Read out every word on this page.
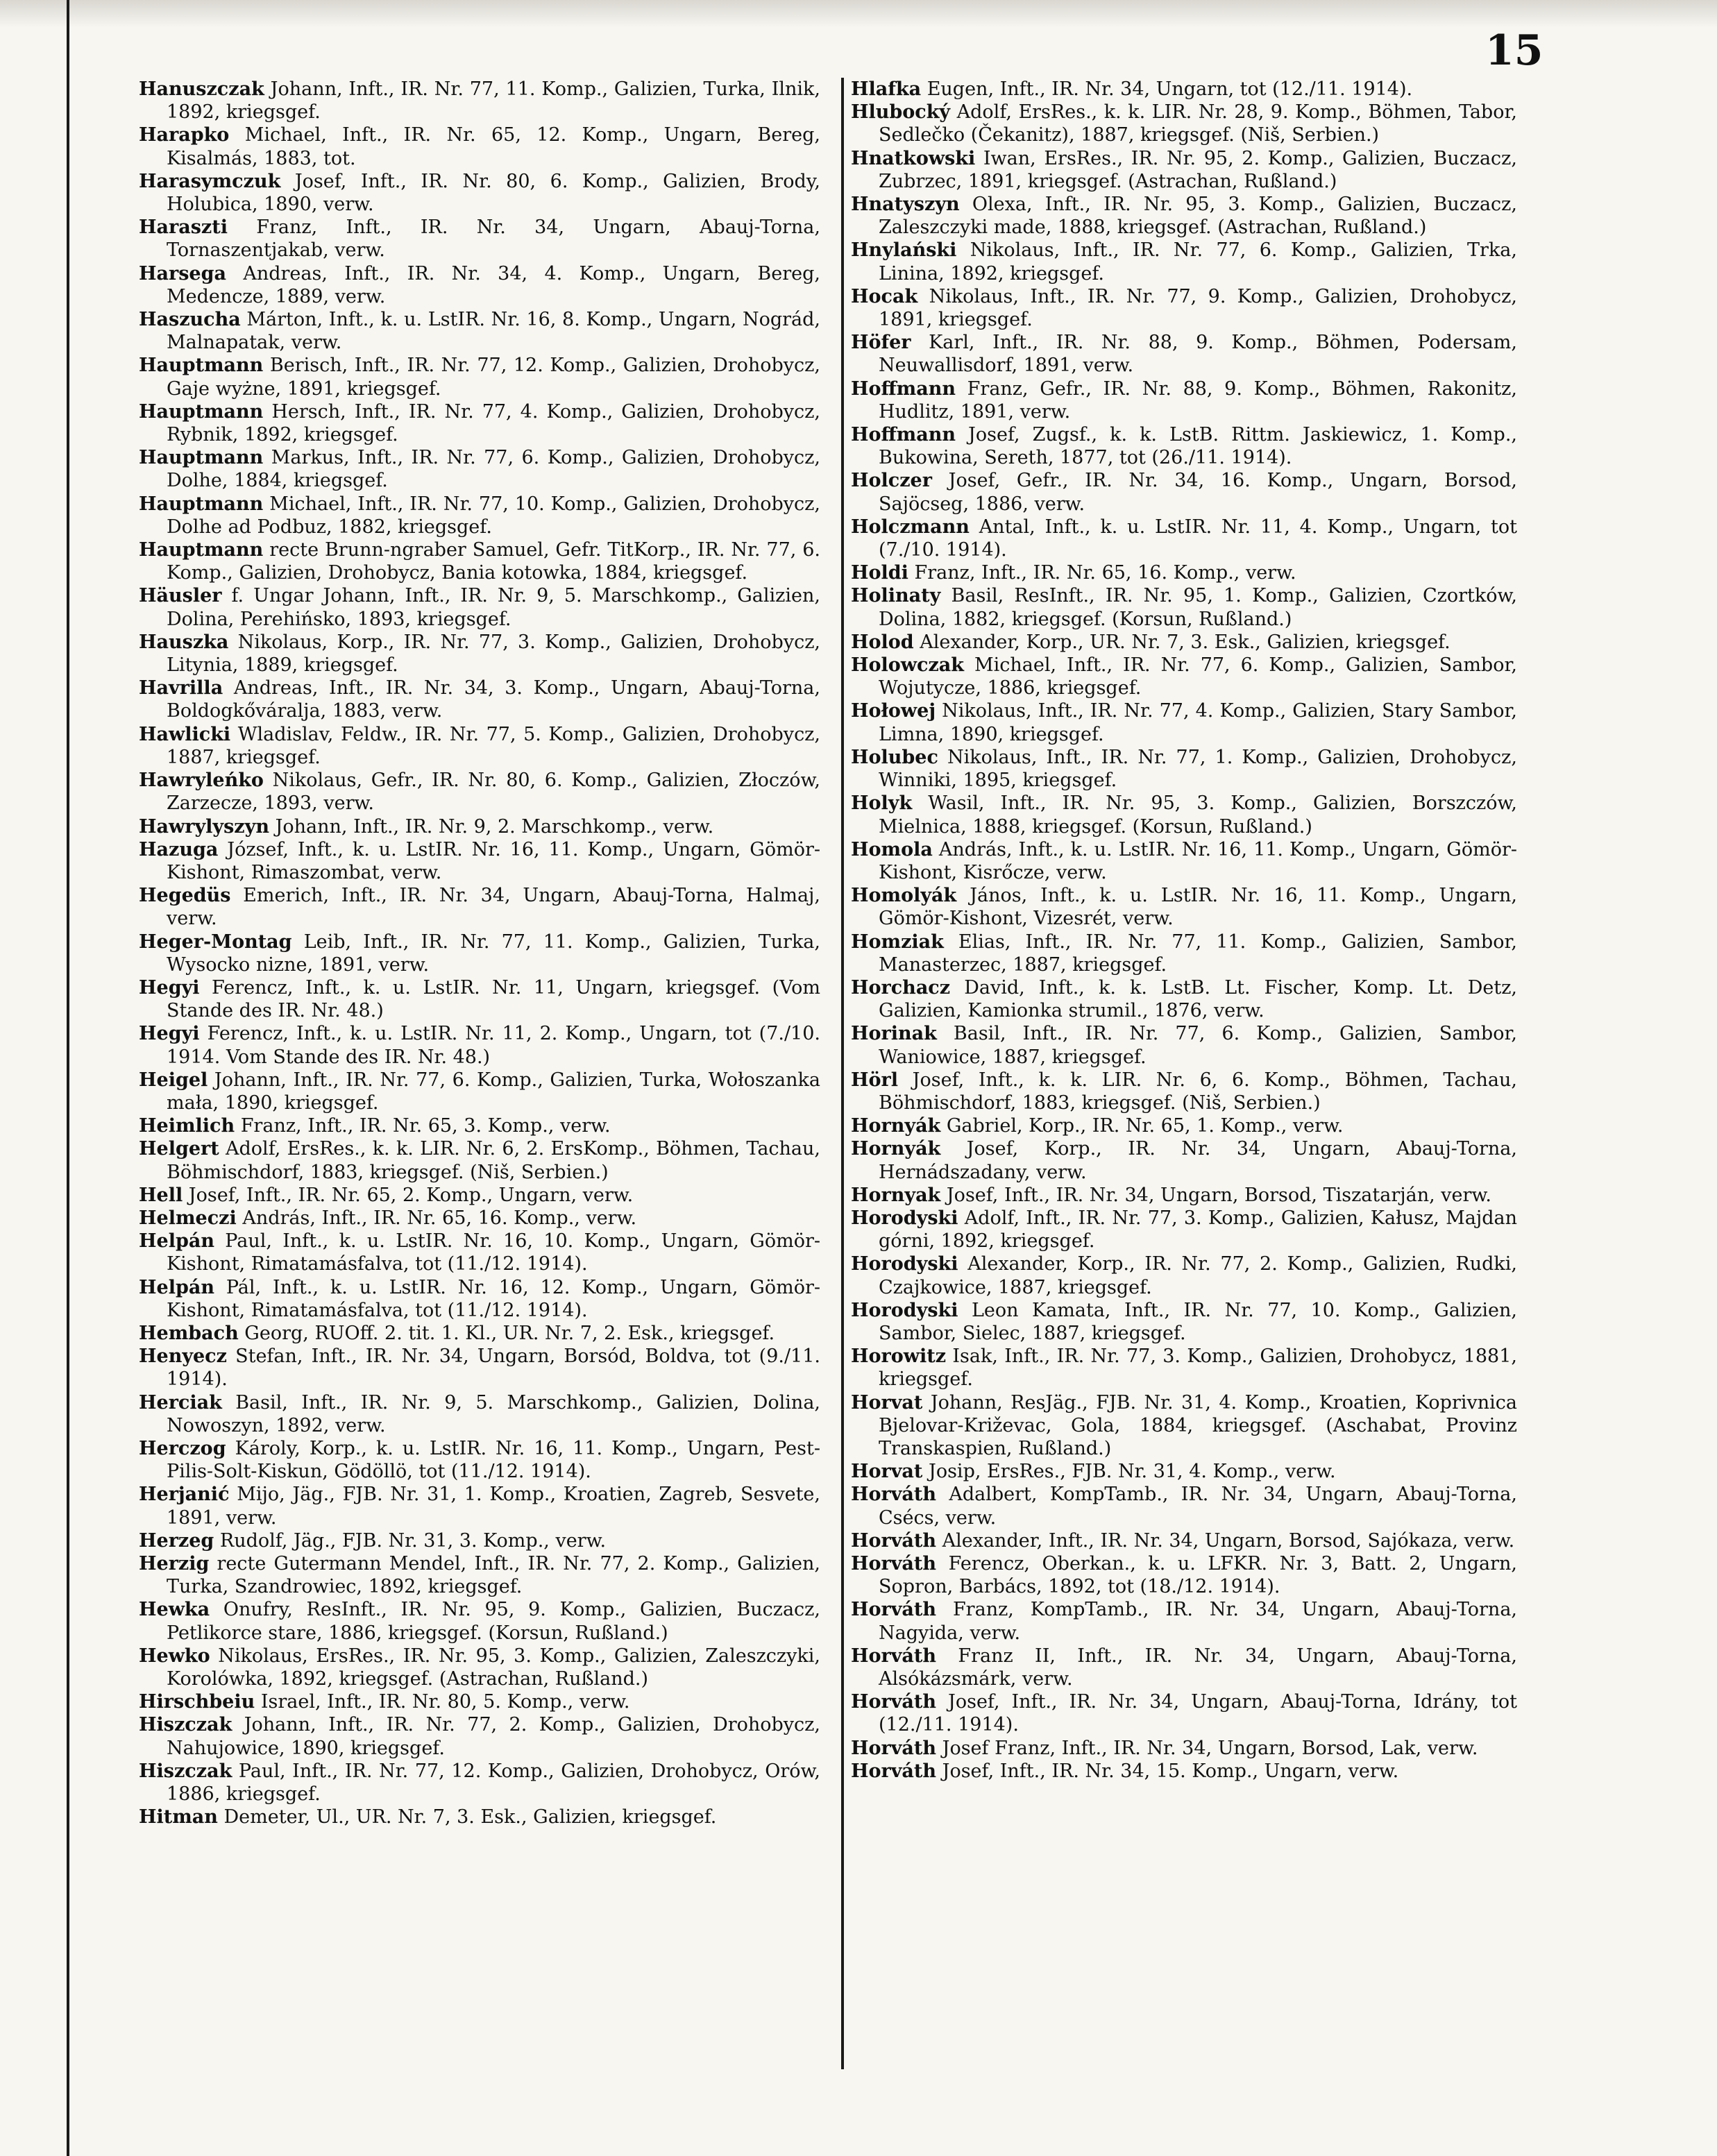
15

Hanuszczak Johann, Inft., IR. Nr. 77, 11. Komp., Galizien, Turka, Ilnik, 1892, kriegsgef.

Harapko Michael, Inft., IR. Nr. 65, 12. Komp., Ungarn, Bereg, Kisalmás, 1883, tot.

Harasymczuk Josef, Inft., IR. Nr. 80, 6. Komp., Galizien, Brody, Holubica, 1890, verw.

Haraszti Franz, Inft., IR. Nr. 34, Ungarn, Abauj-Torna, Tornaszentjakab, verw.

Harsega Andreas, Inft., IR. Nr. 34, 4. Komp., Ungarn, Bereg, Medencze, 1889, verw.

Haszucha Márton, Inft., k. u. LstIR. Nr. 16, 8. Komp., Ungarn, Nográd, Malnapatak, verw.

Hauptmann Berisch, Inft., IR. Nr. 77, 12. Komp., Galizien, Drohobycz, Gaje wyżne, 1891, kriegsgef.

Hauptmann Hersch, Inft., IR. Nr. 77, 4. Komp., Galizien, Drohobycz, Rybnik, 1892, kriegsgef.

Hauptmann Markus, Inft., IR. Nr. 77, 6. Komp., Galizien, Drohobycz, Dolhe, 1884, kriegsgef.

Hauptmann Michael, Inft., IR. Nr. 77, 10. Komp., Galizien, Drohobycz, Dolhe ad Podbuz, 1882, kriegsgef.

Hauptmann recte Brunn-ngraber Samuel, Gefr. TitKorp., IR. Nr. 77, 6. Komp., Galizien, Drohobycz, Bania kotowka, 1884, kriegsgef.

Häusler f. Ungar Johann, Inft., IR. Nr. 9, 5. Marschkomp., Galizien, Dolina, Perehińsko, 1893, kriegsgef.

Hauszka Nikolaus, Korp., IR. Nr. 77, 3. Komp., Galizien, Drohobycz, Litynia, 1889, kriegsgef.

Havrilla Andreas, Inft., IR. Nr. 34, 3. Komp., Ungarn, Abauj-Torna, Boldogkőváralja, 1883, verw.

Hawlicki Wladislav, Feldw., IR. Nr. 77, 5. Komp., Galizien, Drohobycz, 1887, kriegsgef.

Hawryleńko Nikolaus, Gefr., IR. Nr. 80, 6. Komp., Galizien, Złoczów, Zarzecze, 1893, verw.

Hawrylyszyn Johann, Inft., IR. Nr. 9, 2. Marschkomp., verw.

Hazuga József, Inft., k. u. LstIR. Nr. 16, 11. Komp., Ungarn, Gömör-Kishont, Rimaszombat, verw.

Hegedüs Emerich, Inft., IR. Nr. 34, Ungarn, Abauj-Torna, Halmaj, verw.

Heger-Montag Leib, Inft., IR. Nr. 77, 11. Komp., Galizien, Turka, Wysocko nizne, 1891, verw.

Hegyi Ferencz, Inft., k. u. LstIR. Nr. 11, Ungarn, kriegsgef. (Vom Stande des IR. Nr. 48.)

Hegyi Ferencz, Inft., k. u. LstIR. Nr. 11, 2. Komp., Ungarn, tot (7./10. 1914. Vom Stande des IR. Nr. 48.)

Heigel Johann, Inft., IR. Nr. 77, 6. Komp., Galizien, Turka, Wołoszanka mała, 1890, kriegsgef.

Heimlich Franz, Inft., IR. Nr. 65, 3. Komp., verw.

Helgert Adolf, ErsRes., k. k. LIR. Nr. 6, 2. ErsKomp., Böhmen, Tachau, Böhmischdorf, 1883, kriegsgef. (Niš, Serbien.)

Hell Josef, Inft., IR. Nr. 65, 2. Komp., Ungarn, verw.

Helmeczi András, Inft., IR. Nr. 65, 16. Komp., verw.

Helpán Paul, Inft., k. u. LstIR. Nr. 16, 10. Komp., Ungarn, Gömör-Kishont, Rimatamásfalva, tot (11./12. 1914).

Helpán Pál, Inft., k. u. LstIR. Nr. 16, 12. Komp., Ungarn, Gömör-Kishont, Rimatamásfalva, tot (11./12. 1914).

Hembach Georg, RUOff. 2. tit. 1. Kl., UR. Nr. 7, 2. Esk., kriegsgef.

Henyecz Stefan, Inft., IR. Nr. 34, Ungarn, Borsód, Boldva, tot (9./11. 1914).

Herciak Basil, Inft., IR. Nr. 9, 5. Marschkomp., Galizien, Dolina, Nowoszyn, 1892, verw.

Herczog Károly, Korp., k. u. LstIR. Nr. 16, 11. Komp., Ungarn, Pest-Pilis-Solt-Kiskun, Gödöllö, tot (11./12. 1914).

Herjanić Mijo, Jäg., FJB. Nr. 31, 1. Komp., Kroatien, Zagreb, Sesvete, 1891, verw.

Herzeg Rudolf, Jäg., FJB. Nr. 31, 3. Komp., verw.

Herzig recte Gutermann Mendel, Inft., IR. Nr. 77, 2. Komp., Galizien, Turka, Szandrowiec, 1892, kriegsgef.

Hewka Onufry, ResInft., IR. Nr. 95, 9. Komp., Galizien, Buczacz, Petlikorce stare, 1886, kriegsgef. (Korsun, Rußland.)

Hewko Nikolaus, ErsRes., IR. Nr. 95, 3. Komp., Galizien, Zaleszczyki, Korolówka, 1892, kriegsgef. (Astrachan, Rußland.)

Hirschbeiu Israel, Inft., IR. Nr. 80, 5. Komp., verw.

Hiszczak Johann, Inft., IR. Nr. 77, 2. Komp., Galizien, Drohobycz, Nahujowice, 1890, kriegsgef.

Hiszczak Paul, Inft., IR. Nr. 77, 12. Komp., Galizien, Drohobycz, Orów, 1886, kriegsgef.

Hitman Demeter, Ul., UR. Nr. 7, 3. Esk., Galizien, kriegsgef.

Hlafka Eugen, Inft., IR. Nr. 34, Ungarn, tot (12./11. 1914).

Hlubocký Adolf, ErsRes., k. k. LIR. Nr. 28, 9. Komp., Böhmen, Tabor, Sedlečko (Čekanitz), 1887, kriegsgef. (Niš, Serbien.)

Hnatkowski Iwan, ErsRes., IR. Nr. 95, 2. Komp., Galizien, Buczacz, Zubrzec, 1891, kriegsgef. (Astrachan, Rußland.)

Hnatyszyn Olexa, Inft., IR. Nr. 95, 3. Komp., Galizien, Buczacz, Zaleszczyki made, 1888, kriegsgef. (Astrachan, Rußland.)

Hnylański Nikolaus, Inft., IR. Nr. 77, 6. Komp., Galizien, Trka, Linina, 1892, kriegsgef.

Hocak Nikolaus, Inft., IR. Nr. 77, 9. Komp., Galizien, Drohobycz, 1891, kriegsgef.

Höfer Karl, Inft., IR. Nr. 88, 9. Komp., Böhmen, Podersam, Neuwallisdorf, 1891, verw.

Hoffmann Franz, Gefr., IR. Nr. 88, 9. Komp., Böhmen, Rakonitz, Hudlitz, 1891, verw.

Hoffmann Josef, Zugsf., k. k. LstB. Rittm. Jaskiewicz, 1. Komp., Bukowina, Sereth, 1877, tot (26./11. 1914).

Holczer Josef, Gefr., IR. Nr. 34, 16. Komp., Ungarn, Borsod, Sajöcseg, 1886, verw.

Holczmann Antal, Inft., k. u. LstIR. Nr. 11, 4. Komp., Ungarn, tot (7./10. 1914).

Holdi Franz, Inft., IR. Nr. 65, 16. Komp., verw.

Holinaty Basil, ResInft., IR. Nr. 95, 1. Komp., Galizien, Czortków, Dolina, 1882, kriegsgef. (Korsun, Rußland.)

Holod Alexander, Korp., UR. Nr. 7, 3. Esk., Galizien, kriegsgef.

Holowczak Michael, Inft., IR. Nr. 77, 6. Komp., Galizien, Sambor, Wojutycze, 1886, kriegsgef.

Hołowej Nikolaus, Inft., IR. Nr. 77, 4. Komp., Galizien, Stary Sambor, Limna, 1890, kriegsgef.

Holubec Nikolaus, Inft., IR. Nr. 77, 1. Komp., Galizien, Drohobycz, Winniki, 1895, kriegsgef.

Holyk Wasil, Inft., IR. Nr. 95, 3. Komp., Galizien, Borszczów, Mielnica, 1888, kriegsgef. (Korsun, Rußland.)

Homola András, Inft., k. u. LstIR. Nr. 16, 11. Komp., Ungarn, Gömör-Kishont, Kisrőcze, verw.

Homolyák János, Inft., k. u. LstIR. Nr. 16, 11. Komp., Ungarn, Gömör-Kishont, Vizesrét, verw.

Homziak Elias, Inft., IR. Nr. 77, 11. Komp., Galizien, Sambor, Manasterzec, 1887, kriegsgef.

Horchacz David, Inft., k. k. LstB. Lt. Fischer, Komp. Lt. Detz, Galizien, Kamionka strumil., 1876, verw.

Horinak Basil, Inft., IR. Nr. 77, 6. Komp., Galizien, Sambor, Waniowice, 1887, kriegsgef.

Hörl Josef, Inft., k. k. LIR. Nr. 6, 6. Komp., Böhmen, Tachau, Böhmischdorf, 1883, kriegsgef. (Niš, Serbien.)

Hornyák Gabriel, Korp., IR. Nr. 65, 1. Komp., verw.

Hornyák Josef, Korp., IR. Nr. 34, Ungarn, Abauj-Torna, Hernádszadany, verw.

Hornyak Josef, Inft., IR. Nr. 34, Ungarn, Borsod, Tiszatarján, verw.

Horodyski Adolf, Inft., IR. Nr. 77, 3. Komp., Galizien, Kałusz, Majdan górni, 1892, kriegsgef.

Horodyski Alexander, Korp., IR. Nr. 77, 2. Komp., Galizien, Rudki, Czajkowice, 1887, kriegsgef.

Horodyski Leon Kamata, Inft., IR. Nr. 77, 10. Komp., Galizien, Sambor, Sielec, 1887, kriegsgef.

Horowitz Isak, Inft., IR. Nr. 77, 3. Komp., Galizien, Drohobycz, 1881, kriegsgef.

Horvat Johann, ResJäg., FJB. Nr. 31, 4. Komp., Kroatien, Koprivnica Bjelovar-Križevac, Gola, 1884, kriegsgef. (Aschabat, Provinz Transkaspien, Rußland.)

Horvat Josip, ErsRes., FJB. Nr. 31, 4. Komp., verw.

Horváth Adalbert, KompTamb., IR. Nr. 34, Ungarn, Abauj-Torna, Csécs, verw.

Horváth Alexander, Inft., IR. Nr. 34, Ungarn, Borsod, Sajókaza, verw.

Horváth Ferencz, Oberkan., k. u. LFKR. Nr. 3, Batt. 2, Ungarn, Sopron, Barbács, 1892, tot (18./12. 1914).

Horváth Franz, KompTamb., IR. Nr. 34, Ungarn, Abauj-Torna, Nagyida, verw.

Horváth Franz II, Inft., IR. Nr. 34, Ungarn, Abauj-Torna, Alsókázsmárk, verw.

Horváth Josef, Inft., IR. Nr. 34, Ungarn, Abauj-Torna, Idrány, tot (12./11. 1914).

Horváth Josef Franz, Inft., IR. Nr. 34, Ungarn, Borsod, Lak, verw.

Horváth Josef, Inft., IR. Nr. 34, 15. Komp., Ungarn, verw.
